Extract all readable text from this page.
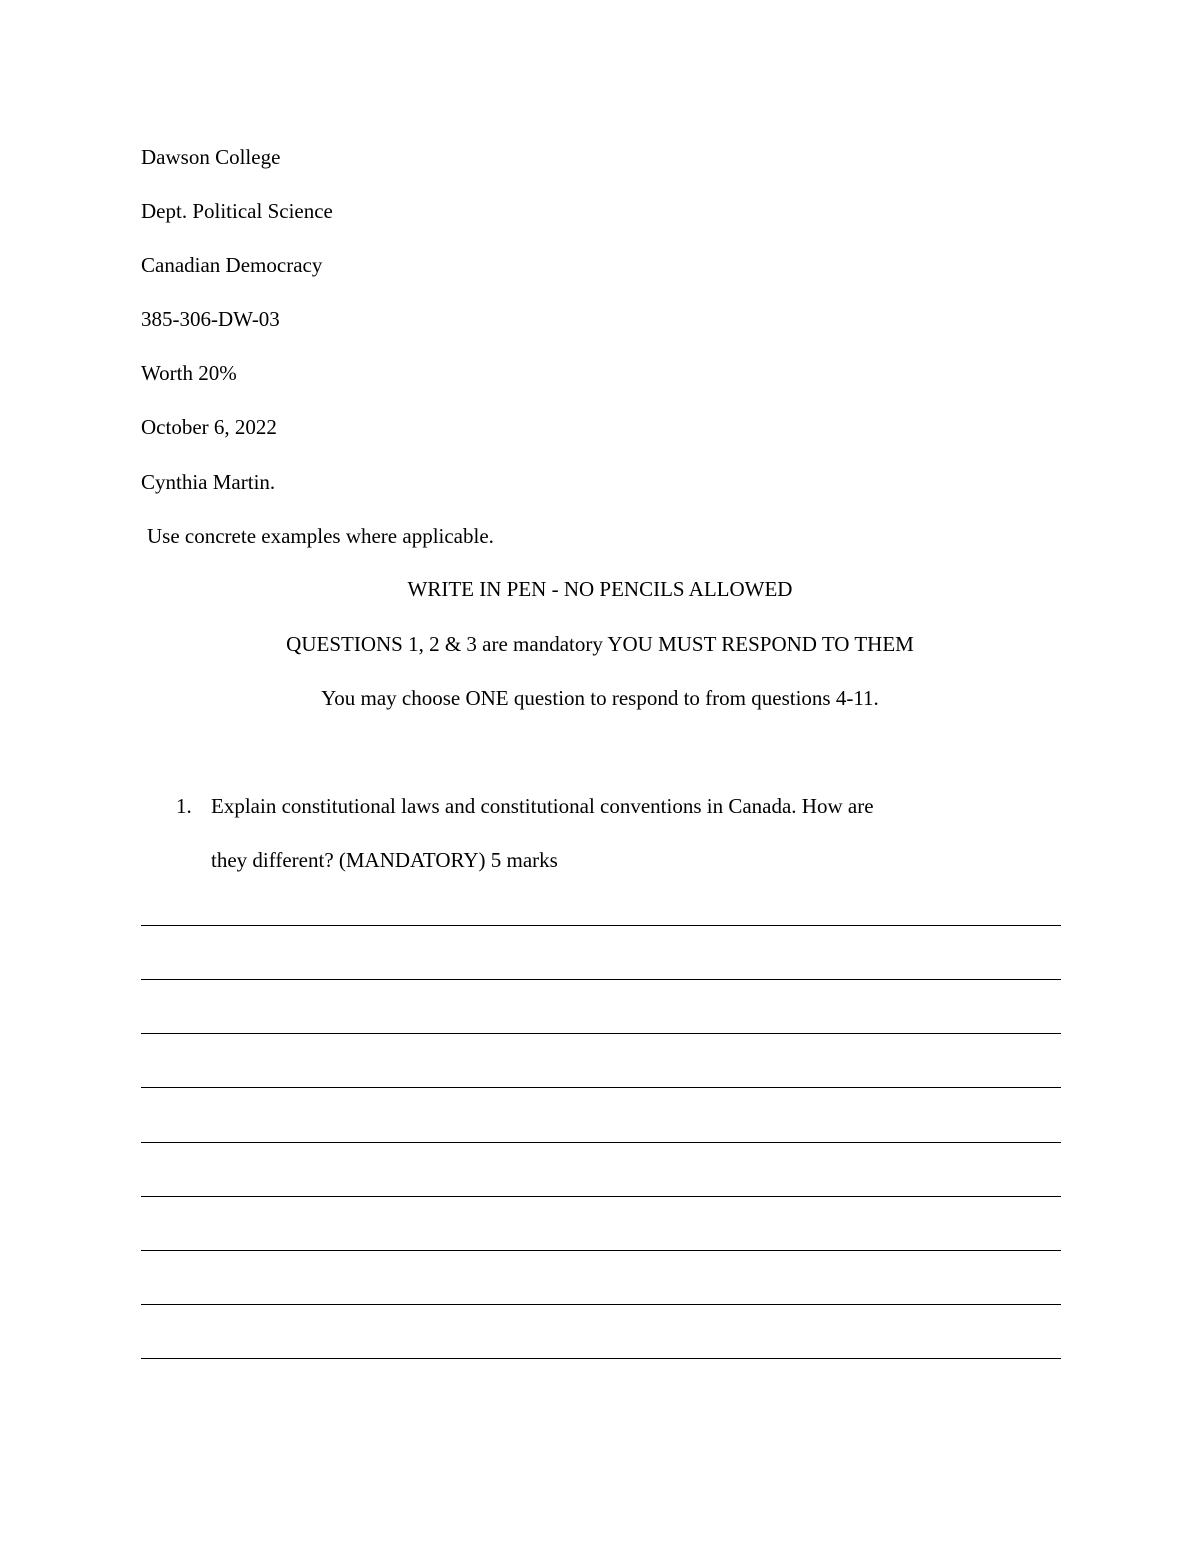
Dawson College
Dept. Political Science
Canadian Democracy
385-306-DW-03
Worth 20%
October 6, 2022
Cynthia Martin.
Use concrete examples where applicable.
WRITE IN PEN - NO PENCILS ALLOWED
QUESTIONS 1, 2 & 3 are mandatory YOU MUST RESPOND TO THEM
You may choose ONE question to respond to from questions 4-11.
1. Explain constitutional laws and constitutional conventions in Canada. How are
they different? (MANDATORY) 5 marks
